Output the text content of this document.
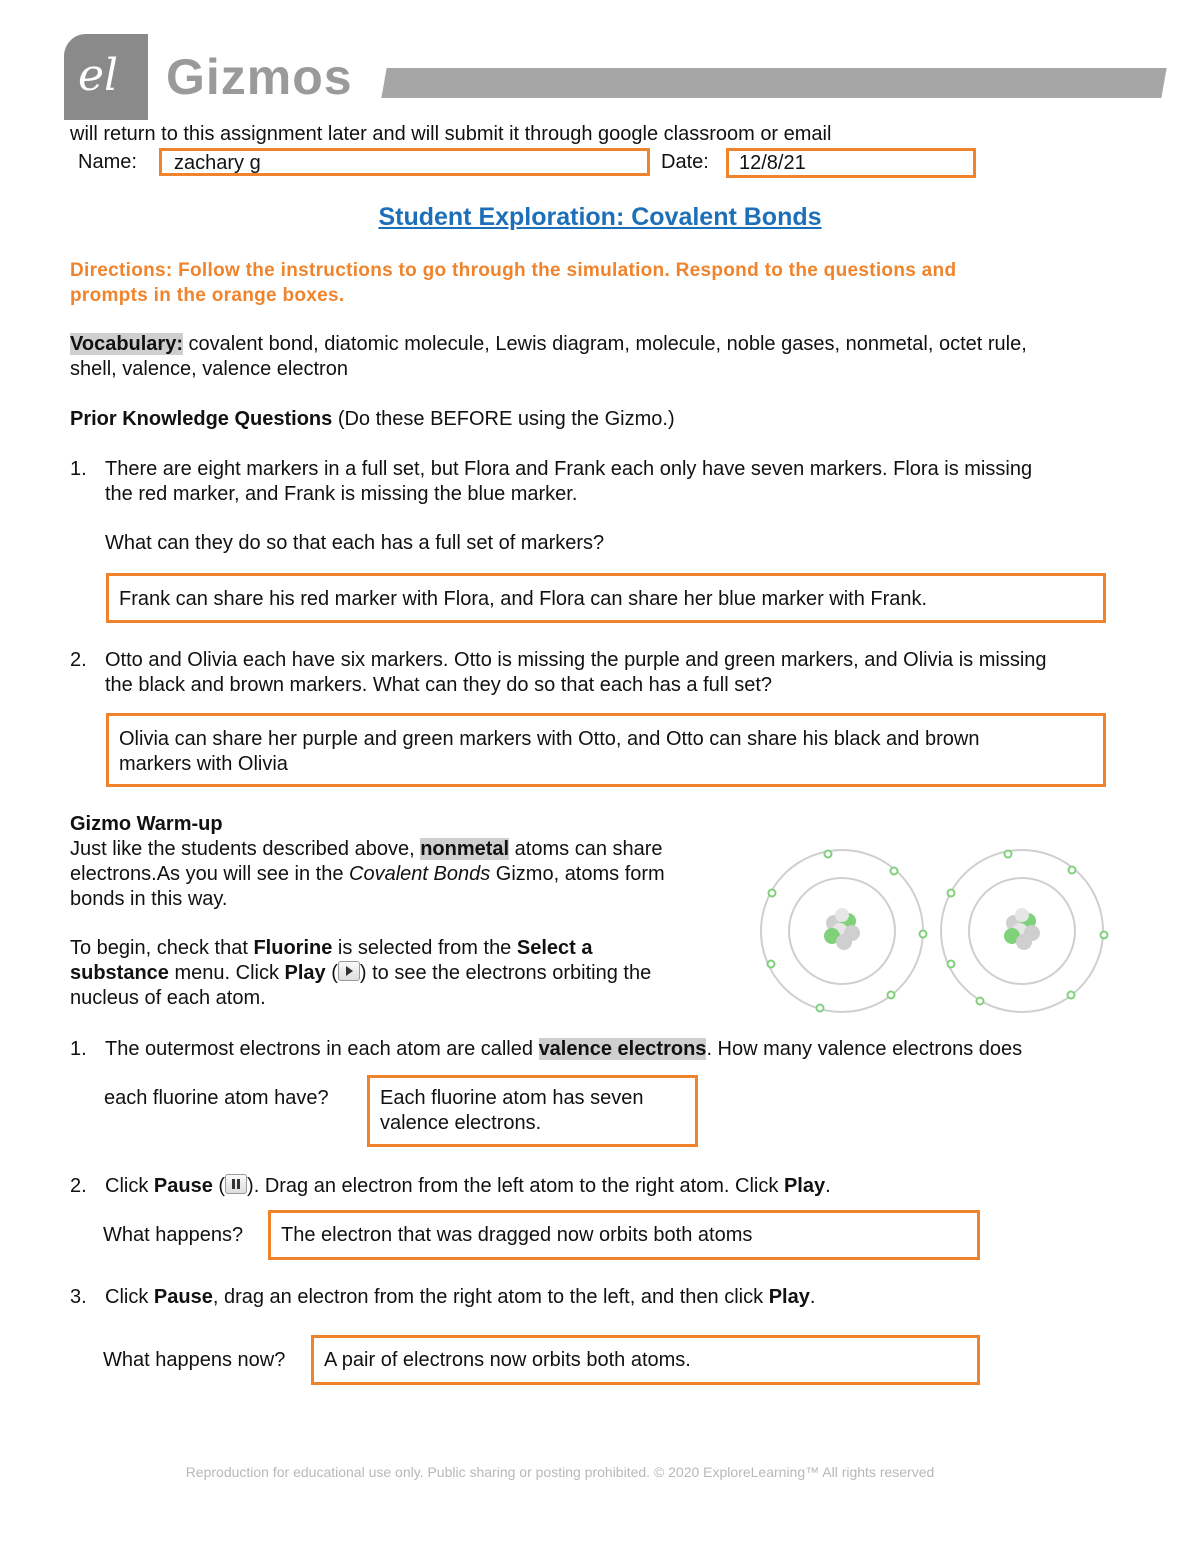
el Gizmos
will return to this assignment later and will submit it through google classroom or email
Name: zachary g	Date: 12/8/21
Student Exploration: Covalent Bonds
Directions: Follow the instructions to go through the simulation. Respond to the questions and
prompts in the orange boxes.
Vocabulary: covalent bond, diatomic molecule, Lewis diagram, molecule, noble gases, nonmetal, octet rule,
shell, valence, valence electron
Prior Knowledge Questions (Do these BEFORE using the Gizmo.)
1. There are eight markers in a full set, but Flora and Frank each only have seven markers. Flora is missing
the red marker, and Frank is missing the blue marker.
What can they do so that each has a full set of markers?
Frank can share his red marker with Flora, and Flora can share her blue marker with Frank.
2. Otto and Olivia each have six markers. Otto is missing the purple and green markers, and Olivia is missing
the black and brown markers. What can they do so that each has a full set?
Olivia can share her purple and green markers with Otto, and Otto can share his black and brown
markers with Olivia
Gizmo Warm-up
Just like the students described above, nonmetal atoms can share
electrons.As you will see in the Covalent Bonds Gizmo, atoms form
bonds in this way.
To begin, check that Fluorine is selected from the Select a
substance menu. Click Play ( ) to see the electrons orbiting the
nucleus of each atom.
1. The outermost electrons in each atom are called valence electrons. How many valence electrons does
each fluorine atom have?	Each fluorine atom has seven
valence electrons.
2. Click Pause ( ). Drag an electron from the left atom to the right atom. Click Play.
What happens?	The electron that was dragged now orbits both atoms
3. Click Pause, drag an electron from the right atom to the left, and then click Play.
What happens now?	A pair of electrons now orbits both atoms.
Reproduction for educational use only. Public sharing or posting prohibited. © 2020 ExploreLearning™ All rights reserved
